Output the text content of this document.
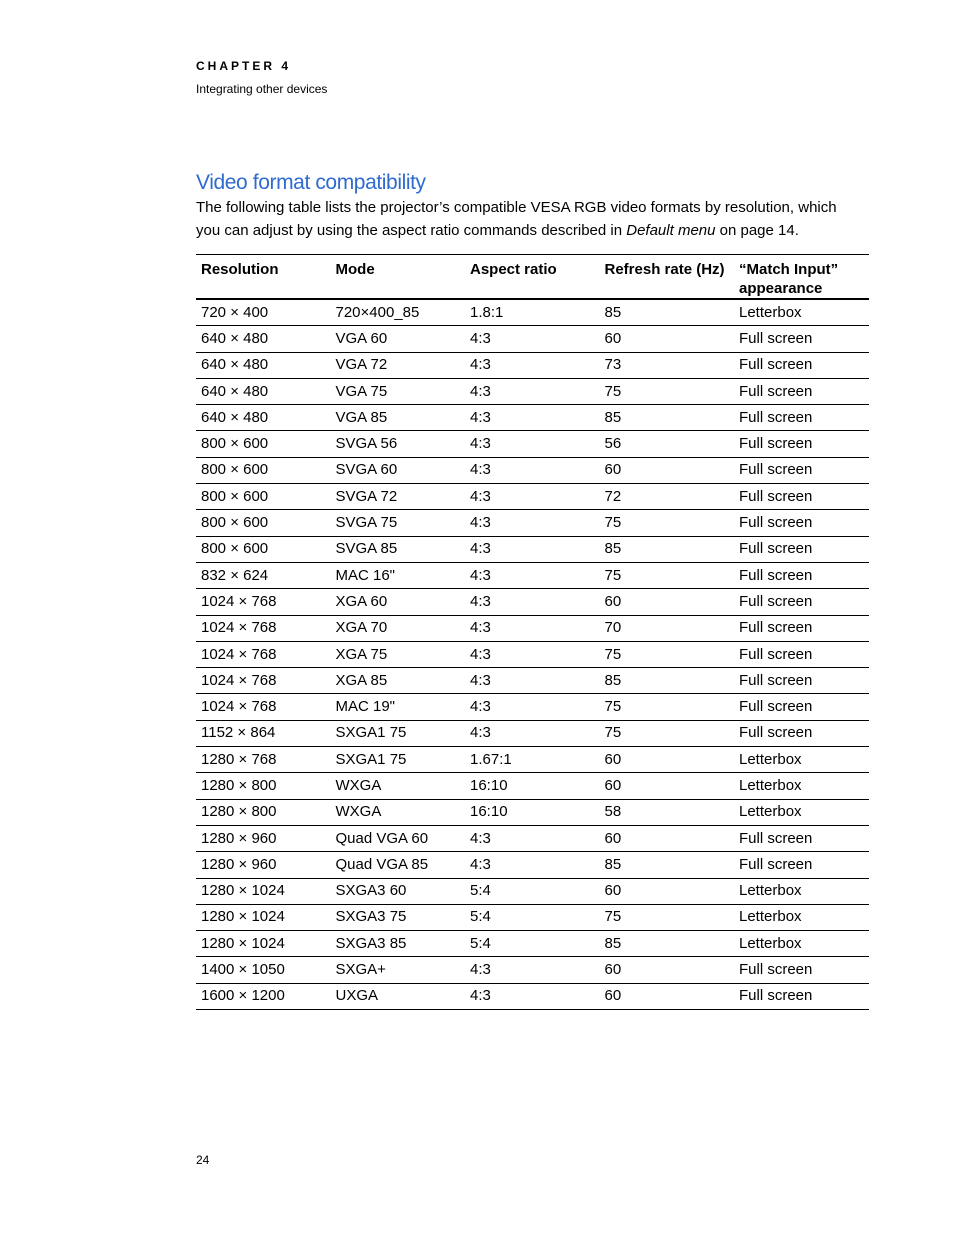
CHAPTER 4
Integrating other devices
Video format compatibility

The following table lists the projector’s compatible VESA RGB video formats by resolution, which you can adjust by using the aspect ratio commands described in Default menu on page 14.

Resolution	Mode	Aspect ratio	Refresh rate (Hz)	“Match Input” appearance
720 × 400	720×400_85	1.8:1	85	Letterbox
640 × 480	VGA 60	4:3	60	Full screen
640 × 480	VGA 72	4:3	73	Full screen
640 × 480	VGA 75	4:3	75	Full screen
640 × 480	VGA 85	4:3	85	Full screen
800 × 600	SVGA 56	4:3	56	Full screen
800 × 600	SVGA 60	4:3	60	Full screen
800 × 600	SVGA 72	4:3	72	Full screen
800 × 600	SVGA 75	4:3	75	Full screen
800 × 600	SVGA 85	4:3	85	Full screen
832 × 624	MAC 16"	4:3	75	Full screen
1024 × 768	XGA 60	4:3	60	Full screen
1024 × 768	XGA 70	4:3	70	Full screen
1024 × 768	XGA 75	4:3	75	Full screen
1024 × 768	XGA 85	4:3	85	Full screen
1024 × 768	MAC 19"	4:3	75	Full screen
1152 × 864	SXGA1 75	4:3	75	Full screen
1280 × 768	SXGA1 75	1.67:1	60	Letterbox
1280 × 800	WXGA	16:10	60	Letterbox
1280 × 800	WXGA	16:10	58	Letterbox
1280 × 960	Quad VGA 60	4:3	60	Full screen
1280 × 960	Quad VGA 85	4:3	85	Full screen
1280 × 1024	SXGA3 60	5:4	60	Letterbox
1280 × 1024	SXGA3 75	5:4	75	Letterbox
1280 × 1024	SXGA3 85	5:4	85	Letterbox
1400 × 1050	SXGA+	4:3	60	Full screen
1600 × 1200	UXGA	4:3	60	Full screen
24
